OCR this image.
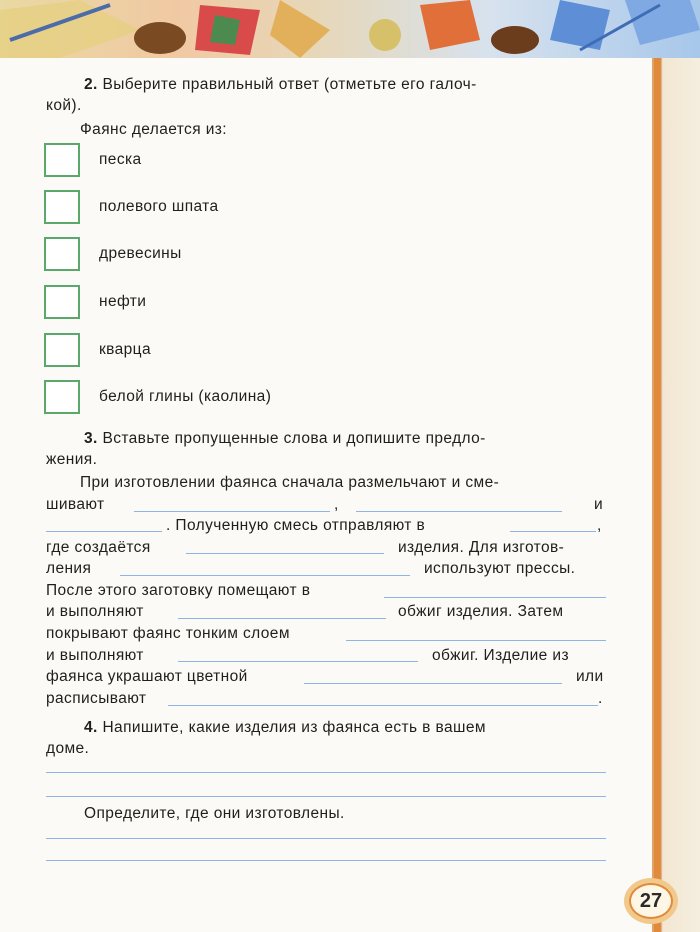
2. Выберите правильный ответ (отметьте его галоч-
кой).
Фаянс делается из:
песка
полевого шпата
древесины
нефти
кварца
белой глины (каолина)
3. Вставьте пропущенные слова и допишите предло-
жения.
При изготовлении фаянса сначала размельчают и сме-
шивают	,	и
. Полученную смесь отправляют в	,
где создаётся	изделия. Для изготов-
ления	используют прессы.
После этого заготовку помещают в
и выполняют	обжиг изделия. Затем
покрывают фаянс тонким слоем
и выполняют	обжиг. Изделие из
фаянса украшают цветной	или
расписывают	.
4. Напишите, какие изделия из фаянса есть в вашем
доме.
Определите, где они изготовлены.
27
